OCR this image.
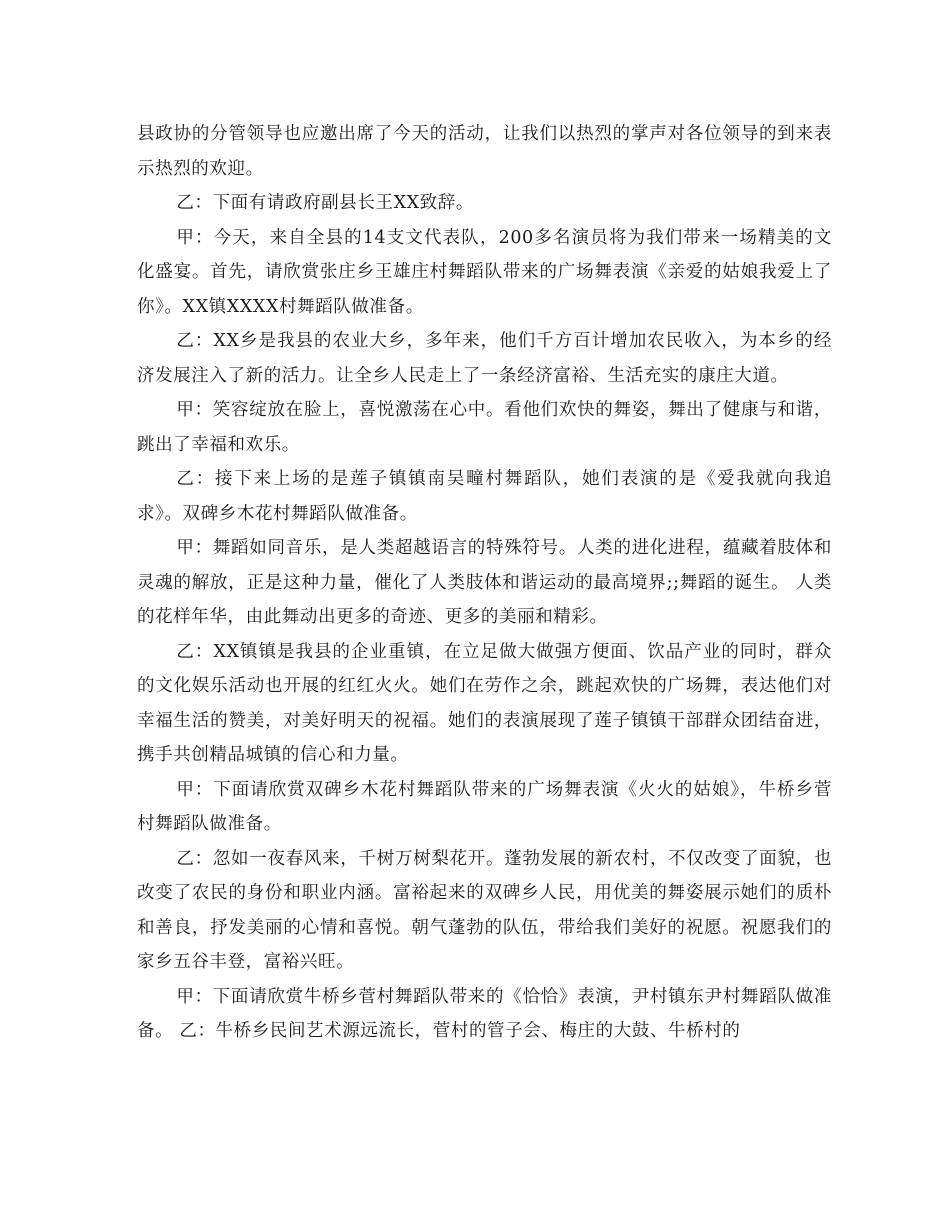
县政协的分管领导也应邀出席了今天的活动，让我们以热烈的掌声对各位领导的到来表示热烈的欢迎。

乙：下面有请政府副县长王XX致辞。

甲：今天，来自全县的14支文代表队，200多名演员将为我们带来一场精美的文化盛宴。首先，请欣赏张庄乡王雄庄村舞蹈队带来的广场舞表演《亲爱的姑娘我爱上了你》。XX镇XXXX村舞蹈队做准备。

乙：XX乡是我县的农业大乡，多年来，他们千方百计增加农民收入，为本乡的经济发展注入了新的活力。让全乡人民走上了一条经济富裕、生活充实的康庄大道。

甲：笑容绽放在脸上，喜悦激荡在心中。看他们欢快的舞姿，舞出了健康与和谐，跳出了幸福和欢乐。

乙：接下来上场的是莲子镇镇南吴疃村舞蹈队，她们表演的是《爱我就向我追求》。双碑乡木花村舞蹈队做准备。

甲：舞蹈如同音乐，是人类超越语言的特殊符号。人类的进化进程，蕴藏着肢体和灵魂的解放，正是这种力量，催化了人类肢体和谐运动的最高境界;;舞蹈的诞生。 人类的花样年华，由此舞动出更多的奇迹、更多的美丽和精彩。

乙：XX镇镇是我县的企业重镇，在立足做大做强方便面、饮品产业的同时，群众的文化娱乐活动也开展的红红火火。她们在劳作之余，跳起欢快的广场舞，表达他们对幸福生活的赞美，对美好明天的祝福。她们的表演展现了莲子镇镇干部群众团结奋进，携手共创精品城镇的信心和力量。

甲：下面请欣赏双碑乡木花村舞蹈队带来的广场舞表演《火火的姑娘》，牛桥乡菅村舞蹈队做准备。

乙：忽如一夜春风来，千树万树梨花开。蓬勃发展的新农村，不仅改变了面貌，也改变了农民的身份和职业内涵。富裕起来的双碑乡人民，用优美的舞姿展示她们的质朴和善良，抒发美丽的心情和喜悦。朝气蓬勃的队伍，带给我们美好的祝愿。祝愿我们的家乡五谷丰登，富裕兴旺。

甲：下面请欣赏牛桥乡菅村舞蹈队带来的《恰恰》表演，尹村镇东尹村舞蹈队做准备。 乙：牛桥乡民间艺术源远流长，菅村的管子会、梅庄的大鼓、牛桥村的
